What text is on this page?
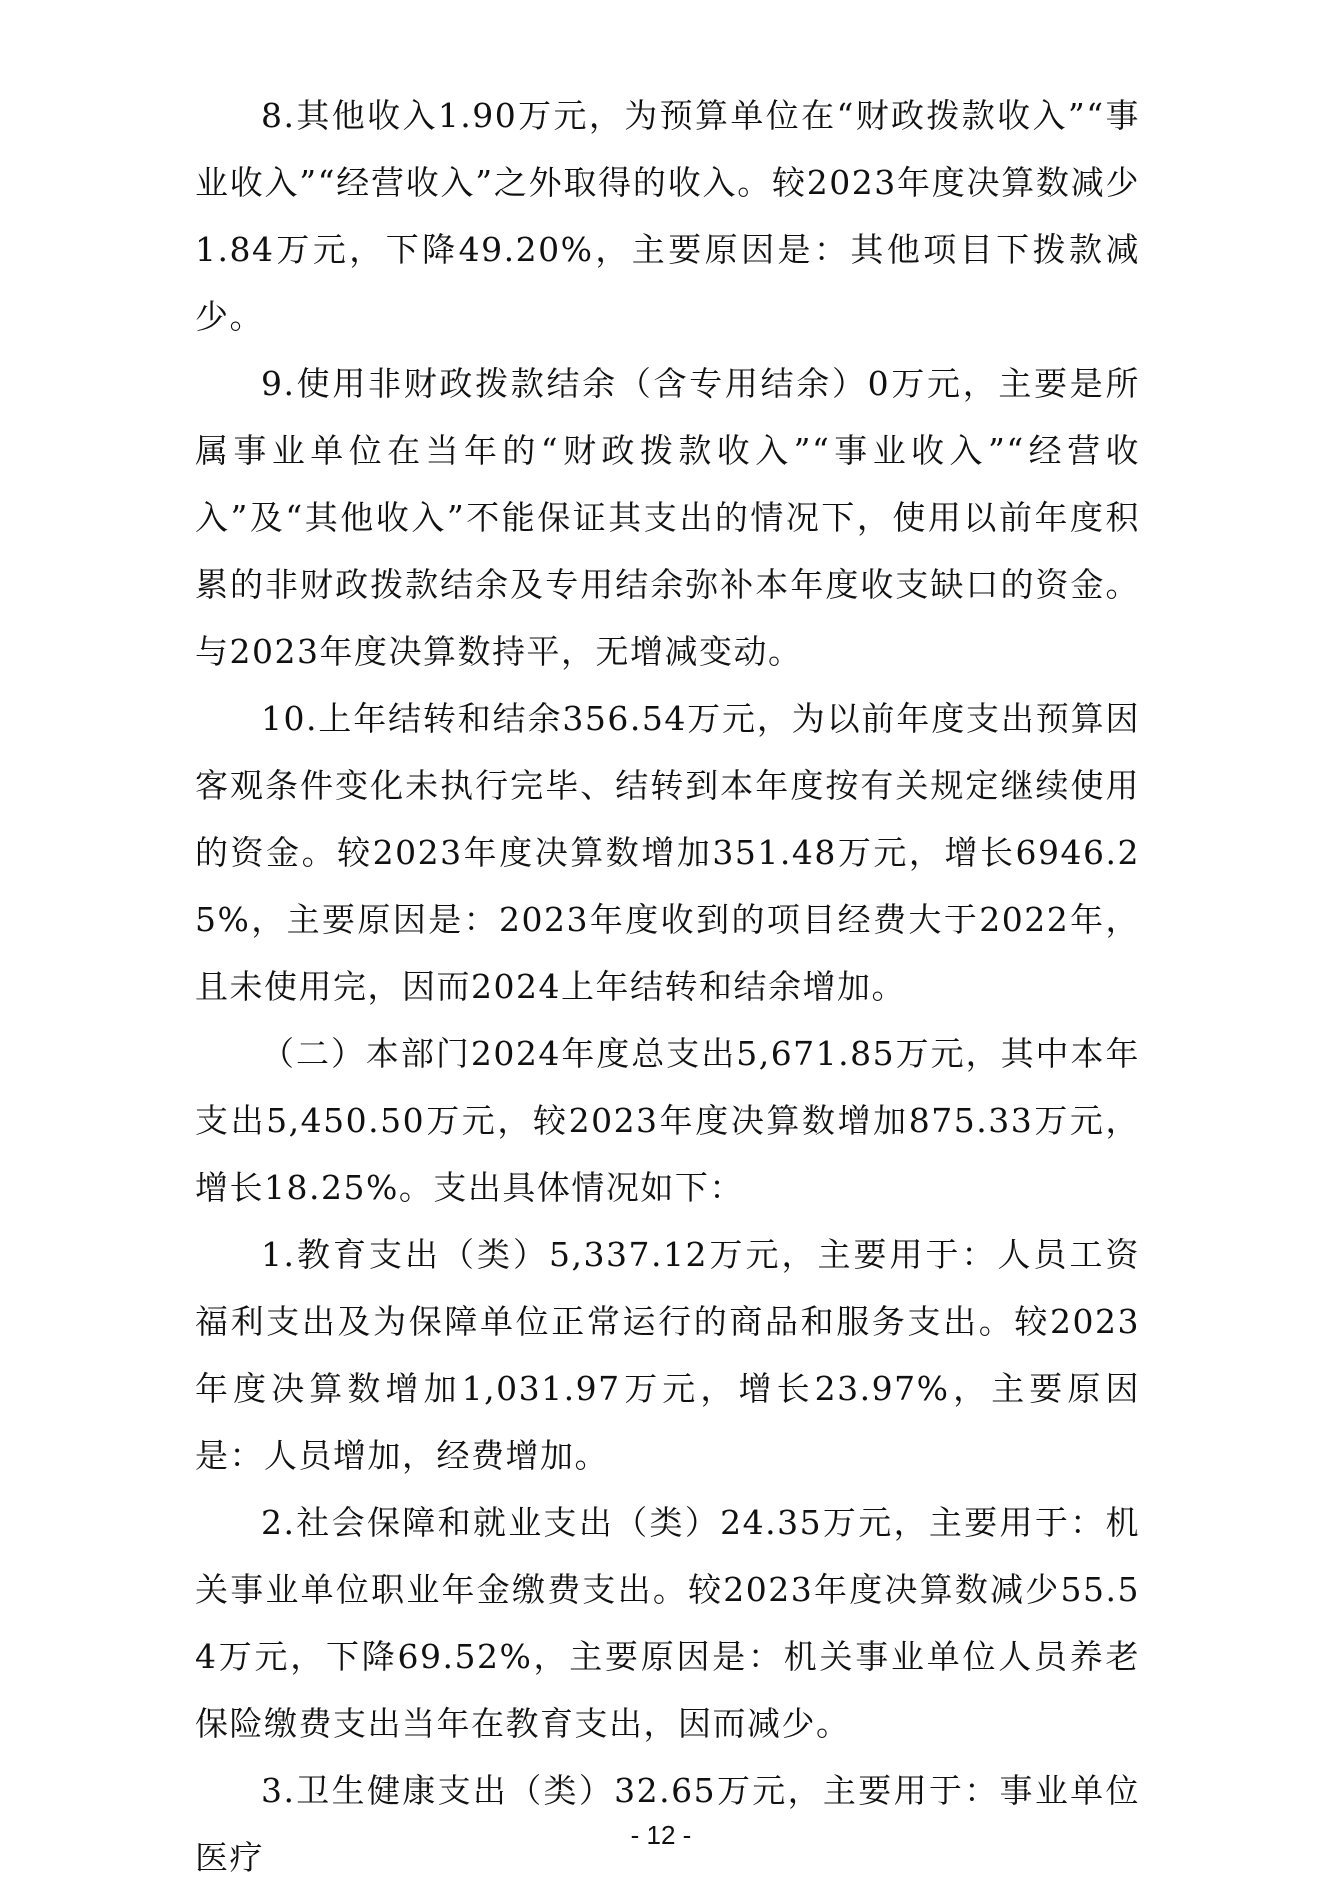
8.其他收入1.90万元，为预算单位在“财政拨款收入”“事业收入”“经营收入”之外取得的收入。较2023年度决算数减少1.84万元，下降49.20%，主要原因是：其他项目下拨款减少。

9.使用非财政拨款结余（含专用结余）0万元，主要是所属事业单位在当年的“财政拨款收入”“事业收入”“经营收入”及“其他收入”不能保证其支出的情况下，使用以前年度积累的非财政拨款结余及专用结余弥补本年度收支缺口的资金。与2023年度决算数持平，无增减变动。

10.上年结转和结余356.54万元，为以前年度支出预算因客观条件变化未执行完毕、结转到本年度按有关规定继续使用的资金。较2023年度决算数增加351.48万元，增长6946.25%，主要原因是：2023年度收到的项目经费大于2022年，且未使用完，因而2024上年结转和结余增加。

（二）本部门2024年度总支出5,671.85万元，其中本年支出5,450.50万元，较2023年度决算数增加875.33万元，增长18.25%。支出具体情况如下：

1.教育支出（类）5,337.12万元，主要用于：人员工资福利支出及为保障单位正常运行的商品和服务支出。较2023年度决算数增加1,031.97万元，增长23.97%，主要原因是：人员增加，经费增加。

2.社会保障和就业支出（类）24.35万元，主要用于：机关事业单位职业年金缴费支出。较2023年度决算数减少55.54万元，下降69.52%，主要原因是：机关事业单位人员养老保险缴费支出当年在教育支出，因而减少。

3.卫生健康支出（类）32.65万元，主要用于：事业单位医疗

- 12 -
